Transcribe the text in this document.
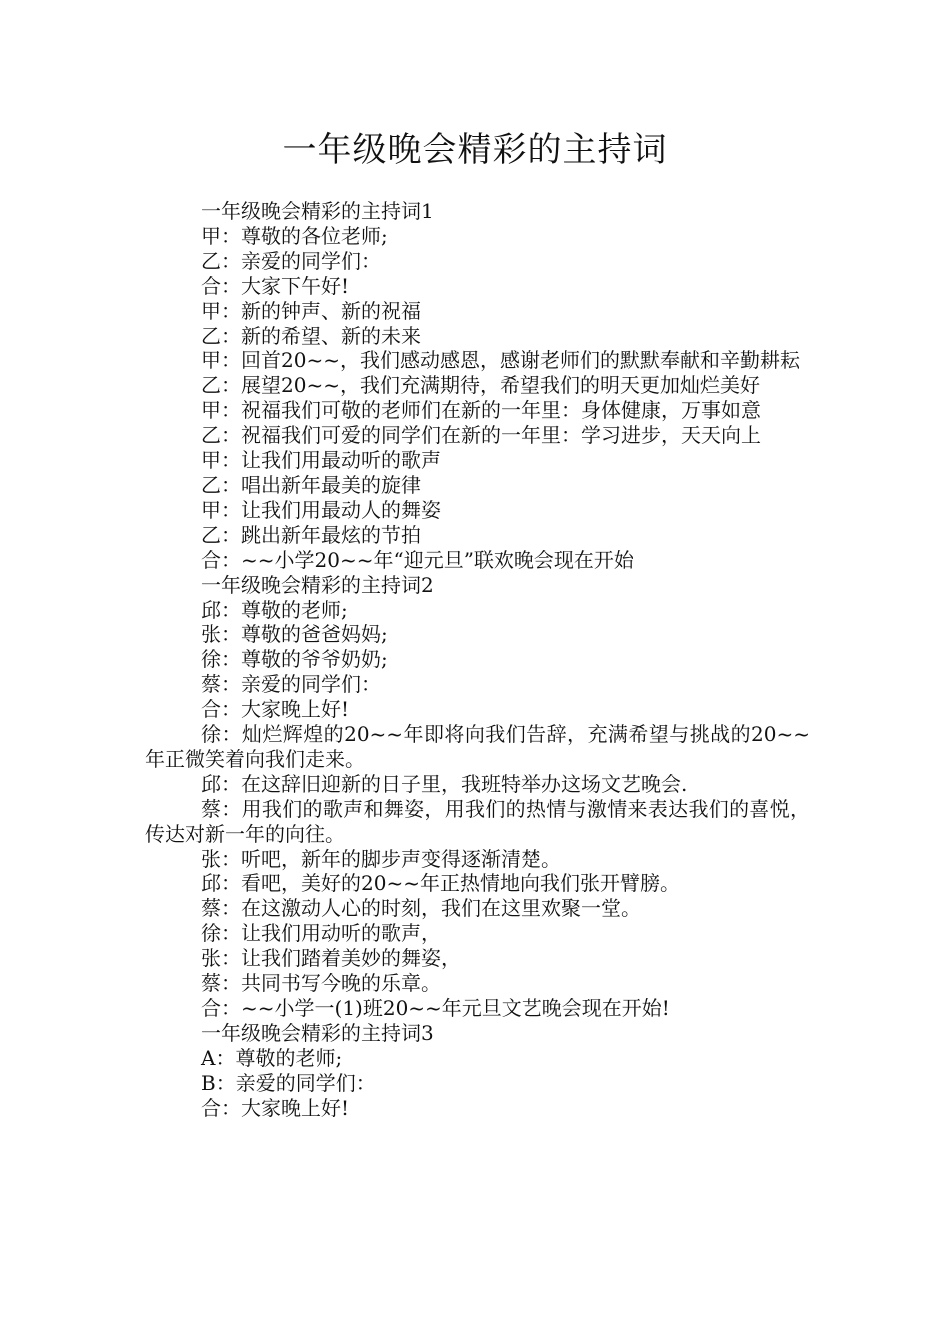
一年级晚会精彩的主持词

一年级晚会精彩的主持词1

甲：尊敬的各位老师;

乙：亲爱的同学们：

合：大家下午好!

甲：新的钟声、新的祝福

乙：新的希望、新的未来

甲：回首20~~，我们感动感恩，感谢老师们的默默奉献和辛勤耕耘

乙：展望20~~，我们充满期待，希望我们的明天更加灿烂美好

甲：祝福我们可敬的老师们在新的一年里：身体健康，万事如意

乙：祝福我们可爱的同学们在新的一年里：学习进步，天天向上

甲：让我们用最动听的歌声

乙：唱出新年最美的旋律

甲：让我们用最动人的舞姿

乙：跳出新年最炫的节拍

合：~~小学20~~年“迎元旦”联欢晚会现在开始

一年级晚会精彩的主持词2

邱：尊敬的老师;

张：尊敬的爸爸妈妈;

徐：尊敬的爷爷奶奶;

蔡：亲爱的同学们：

合：大家晚上好!

徐：灿烂辉煌的20~~年即将向我们告辞，充满希望与挑战的20~~年正微笑着向我们走来。

邱：在这辞旧迎新的日子里，我班特举办这场文艺晚会.

蔡：用我们的歌声和舞姿，用我们的热情与激情来表达我们的喜悦，传达对新一年的向往。

张：听吧，新年的脚步声变得逐渐清楚。

邱：看吧，美好的20~~年正热情地向我们张开臂膀。

蔡：在这激动人心的时刻，我们在这里欢聚一堂。

徐：让我们用动听的歌声，

张：让我们踏着美妙的舞姿，

蔡：共同书写今晚的乐章。

合：~~小学一(1)班20~~年元旦文艺晚会现在开始!

一年级晚会精彩的主持词3

A：尊敬的老师;

B：亲爱的同学们：

合：大家晚上好!
